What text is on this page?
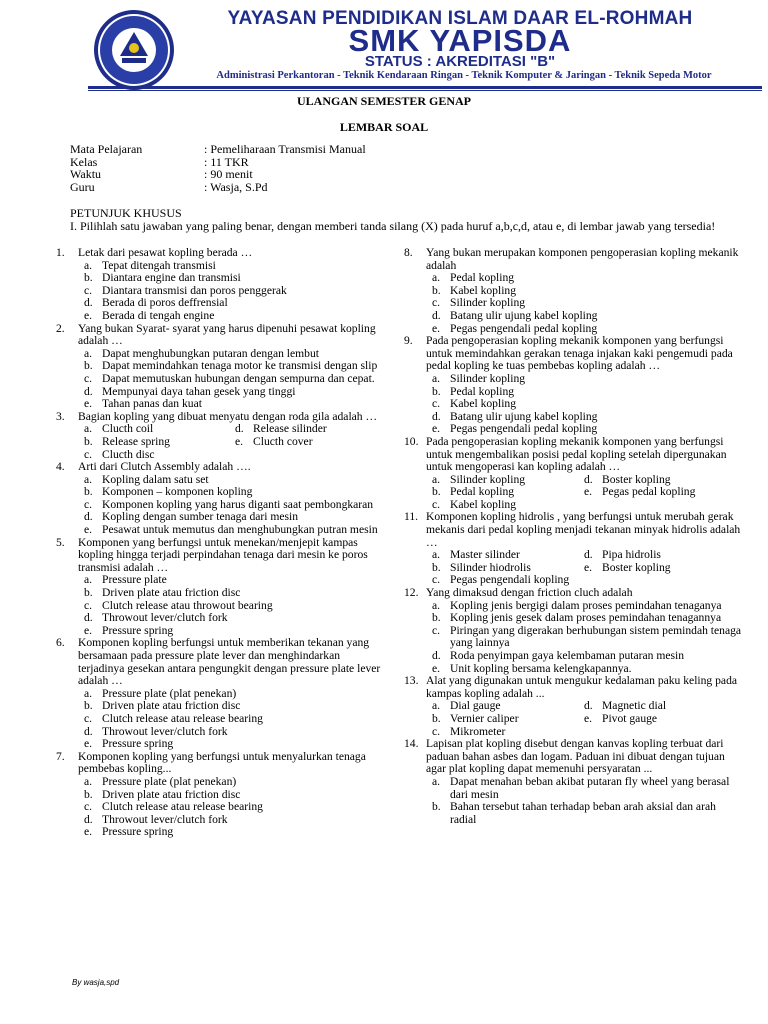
YAYASAN PENDIDIKAN ISLAM DAAR EL-ROHMAH
SMK YAPISDA
STATUS : AKREDITASI "B"
Administrasi Perkantoran - Teknik Kendaraan Ringan - Teknik Komputer & Jaringan - Teknik Sepeda Motor
ULANGAN SEMESTER GENAP
LEMBAR SOAL
Mata Pelajaran	: Pemeliharaan Transmisi Manual
Kelas	: 11 TKR
Waktu	: 90 menit
Guru	: Wasja, S.Pd
PETUNJUK KHUSUS
I. Pilihlah satu jawaban yang paling benar, dengan memberi tanda silang (X) pada huruf a,b,c,d, atau e, di lembar jawab yang tersedia!
1. Letak dari pesawat kopling berada …
a. Tepat ditengah transmisi
b. Diantara engine dan transmisi
c. Diantara transmisi dan poros penggerak
d. Berada di poros deffrensial
e. Berada di tengah engine
2. Yang bukan Syarat- syarat yang harus dipenuhi pesawat kopling adalah …
a. Dapat menghubungkan putaran dengan lembut
b. Dapat memindahkan tenaga motor ke transmisi dengan slip
c. Dapat memutuskan hubungan dengan sempurna dan cepat.
d. Mempunyai daya tahan gesek yang tinggi
e. Tahan panas dan kuat
3. Bagian kopling yang dibuat menyatu dengan roda gila adalah …
a. Clucth coil	d. Release silinder
b. Release spring	e. Clucth cover
c. Clucth disc
4. Arti dari Clutch Assembly adalah ….
a. Kopling dalam satu set
b. Komponen – komponen kopling
c. Komponen kopling yang harus diganti saat pembongkaran
d. Kopling dengan sumber tenaga dari mesin
e. Pesawat untuk memutus dan menghubungkan putran mesin
5. Komponen yang berfungsi untuk menekan/menjepit kampas kopling hingga terjadi perpindahan tenaga dari mesin ke poros transmisi adalah …
a. Pressure plate
b. Driven plate atau friction disc
c. Clutch release atau throwout bearing
d. Throwout lever/clutch fork
e. Pressure spring
6. Komponen kopling berfungsi untuk memberikan tekanan yang bersamaan pada pressure plate lever dan menghindarkan terjadinya gesekan antara pengungkit dengan pressure plate lever adalah …
a. Pressure plate (plat penekan)
b. Driven plate atau friction disc
c. Clutch release atau release bearing
d. Throwout lever/clutch fork
e. Pressure spring
7. Komponen kopling yang berfungsi untuk menyalurkan tenaga pembebas kopling...
a. Pressure plate (plat penekan)
b. Driven plate atau friction disc
c. Clutch release atau release bearing
d. Throwout lever/clutch fork
e. Pressure spring
8. Yang bukan merupakan komponen pengoperasian kopling mekanik adalah
a. Pedal kopling
b. Kabel kopling
c. Silinder kopling
d. Batang ulir ujung kabel kopling
e. Pegas pengendali pedal kopling
9. Pada pengoperasian kopling mekanik komponen yang berfungsi untuk memindahkan gerakan tenaga injakan kaki pengemudi pada pedal kopling ke tuas pembebas kopling adalah …
a. Silinder kopling
b. Pedal kopling
c. Kabel kopling
d. Batang ulir ujung kabel kopling
e. Pegas pengendali pedal kopling
10. Pada pengoperasian kopling mekanik komponen yang berfungsi untuk mengembalikan posisi pedal kopling setelah dipergunakan untuk mengoperasi kan kopling adalah …
a. Silinder kopling	d. Boster kopling
b. Pedal kopling	e. Pegas pedal kopling
c. Kabel kopling
11. Komponen kopling hidrolis , yang berfungsi untuk merubah gerak mekanis dari pedal kopling menjadi tekanan minyak hidrolis adalah …
a. Master silinder	d. Pipa hidrolis
b. Silinder hiodrolis	e. Boster kopling
c. Pegas pengendali kopling
12. Yang dimaksud dengan friction cluch adalah
a. Kopling jenis bergigi dalam proses pemindahan tenaganya
b. Kopling jenis gesek dalam proses pemindahan tenagannya
c. Piringan yang digerakan berhubungan sistem pemindah tenaga yang lainnya
d. Roda penyimpan gaya kelembaman putaran mesin
e. Unit kopling bersama kelengkapannya.
13. Alat yang digunakan untuk mengukur kedalaman paku keling pada kampas kopling adalah ...
a. Dial gauge	d. Magnetic dial
b. Vernier caliper	e. Pivot gauge
c. Mikrometer
14. Lapisan plat kopling disebut dengan kanvas kopling terbuat dari paduan bahan asbes dan logam. Paduan ini dibuat dengan tujuan agar plat kopling dapat memenuhi persyaratan ...
a. Dapat menahan beban akibat putaran fly wheel yang berasal dari mesin
b. Bahan tersebut tahan terhadap beban arah aksial dan arah radial
By wasja,spd
